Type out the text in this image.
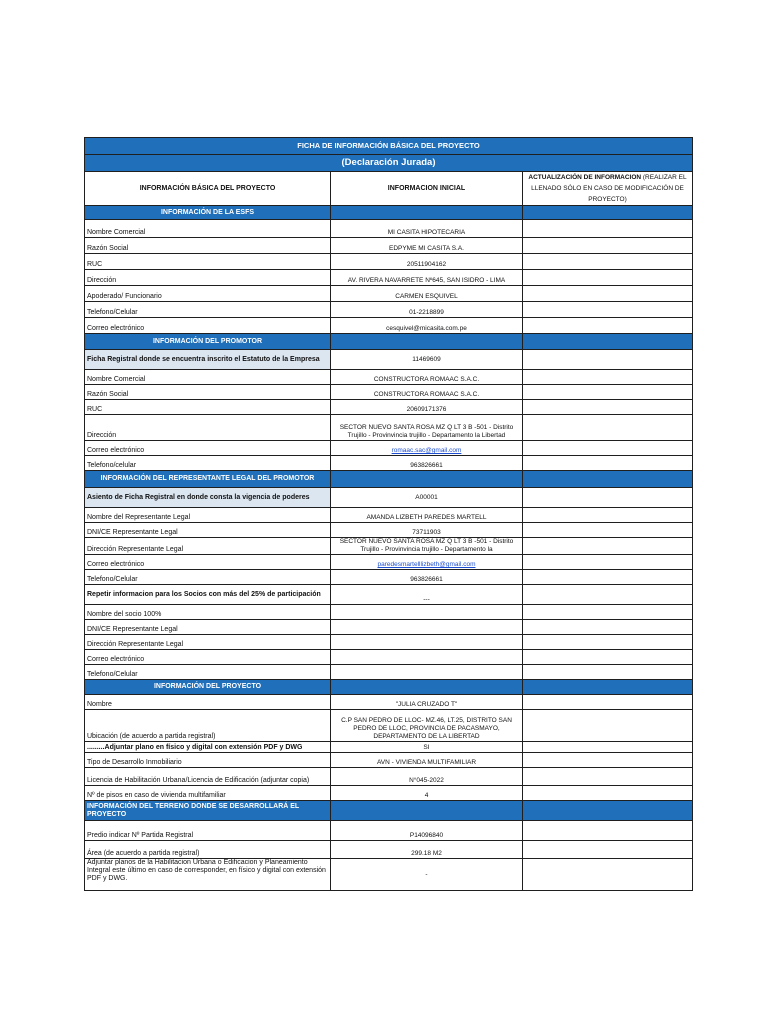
FICHA DE INFORMACIÓN BÁSICA DEL PROYECTO		
(Declaración Jurada)		
INFORMACIÓN BÁSICA DEL PROYECTO	INFORMACION INICIAL	ACTUALIZACIÓN DE INFORMACION (REALIZAR EL LLENADO SÓLO EN CASO DE MODIFICACIÓN DE PROYECTO)
INFORMACIÓN DE LA ESFS		
Nombre Comercial	MI CASITA HIPOTECARIA	
Razón Social	EDPYME MI CASITA S.A.	
RUC	20511904162	
Dirección	AV. RIVERA NAVARRETE Nº645, SAN ISIDRO - LIMA	
Apoderado/ Funcionario	CARMEN ESQUIVEL	
Telefono/Celular	01-2218899	
Correo electrónico	cesquivel@micasita.com.pe	
INFORMACIÓN DEL PROMOTOR		
Ficha Registral donde se encuentra inscrito el Estatuto de la Empresa	11469609	
Nombre Comercial	CONSTRUCTORA ROMAAC S.A.C.	
Razón Social	CONSTRUCTORA ROMAAC S.A.C.	
RUC	20609171376	
Dirección	SECTOR NUEVO SANTA ROSA MZ Q LT 3 B -501 - Distrito Trujillo - Provinvincia trujillo - Departamento la Libertad	
Correo electrónico	romaac.sac@gmail.com	
Telefono/celular	963826661	
INFORMACIÓN DEL REPRESENTANTE LEGAL DEL PROMOTOR		
Asiento de Ficha Registral en donde consta la vigencia de poderes	A00001	
Nombre del Representante Legal	AMANDA LIZBETH PAREDES MARTELL	
DNI/CE Representante Legal	73711903	
Dirección Representante Legal	SECTOR NUEVO SANTA ROSA MZ Q LT 3 B -501 - Distrito Trujillo - Provinvincia trujillo - Departamento la	
Correo electrónico	paredesmartelllizbeth@gmail.com	
Telefono/Celular	963826661	
Repetir informacion para los Socios con más del 25% de participación	---	
Nombre del socio 100%		
DNI/CE Representante Legal		
Dirección Representante Legal		
Correo electrónico		
Telefono/Celular		
INFORMACIÓN DEL PROYECTO		
Nombre	"JULIA CRUZADO T"	
Ubicación (de acuerdo a partida registral)	C.P SAN PEDRO DE LLOC- MZ.46, LT.25, DISTRITO SAN PEDRO DE LLOC, PROVINCIA DE PACASMAYO, DEPARTAMENTO DE LA LIBERTAD	
.........Adjuntar plano en físico y digital con extensión PDF y DWG	SI	
Tipo de Desarrollo Inmobiliario	AVN - VIVIENDA MULTIFAMILIAR	
Licencia de Habilitación Urbana/Licencia de Edificación (adjuntar copia)	N°045-2022	
Nº de pisos en caso de vivienda multifamiliar	4	
INFORMACIÓN DEL TERRENO DONDE SE DESARROLLARÁ EL PROYECTO		
Predio indicar Nº Partida Registral	P14096840	
Área (de acuerdo a partida registral)	299.18 M2	
Adjuntar planos de la Habilitacion Urbana o Edificacion y Planeamiento Integral este último en caso de corresponder, en físico y digital con extensión PDF y DWG.	-	
